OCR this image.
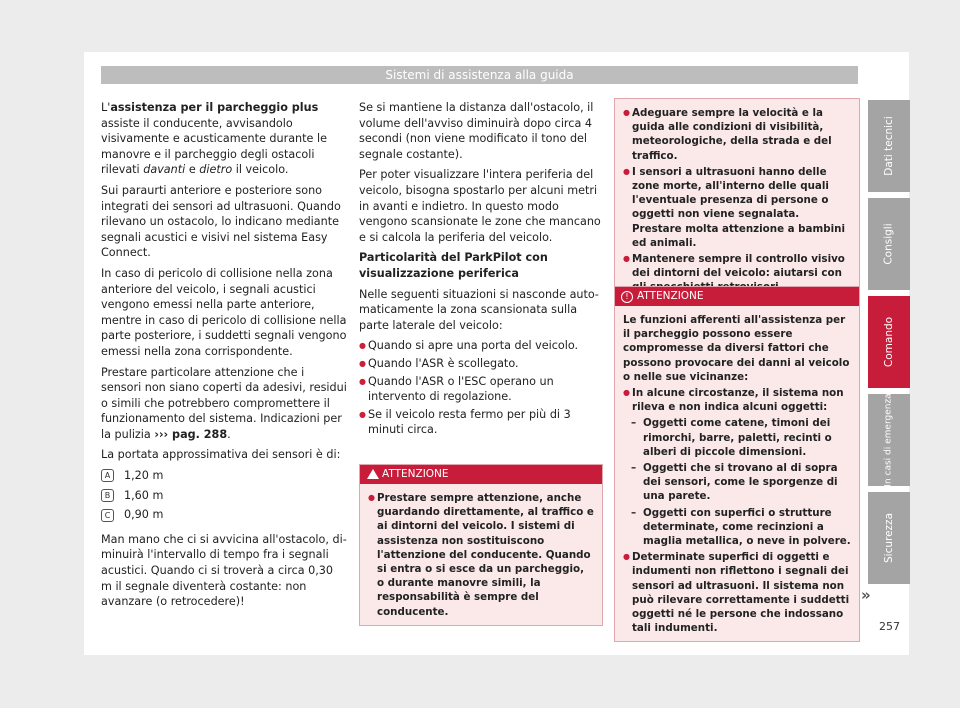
Sistemi di assistenza alla guida

L'assistenza per il parcheggio plus assiste il conducente, avvisandolo visivamente e acusticamente durante le manovre e il parcheggio degli ostacoli rilevati davanti e dietro il veicolo.

Sui paraurti anteriore e posteriore sono integrati dei sensori ad ultrasuoni. Quando rilevano un ostacolo, lo indicano mediante segnali acustici e visivi nel sistema Easy Connect.

In caso di pericolo di collisione nella zona anteriore del veicolo, i segnali acustici vengono emessi nella parte anteriore, mentre in caso di pericolo di collisione nella parte posteriore, i suddetti segnali vengono emessi nella zona corrispondente.

Prestare particolare attenzione che i sensori non siano coperti da adesivi, residui o simili che potrebbero compromettere il funzionamento del sistema. Indicazioni per la pulizia ››› pag. 288.

La portata approssimativa dei sensori è di:

A	1,20 m
B	1,60 m
C	0,90 m

Man mano che ci si avvicina all'ostacolo, diminuirà l'intervallo di tempo fra i segnali acustici. Quando ci si troverà a circa 0,30 m il segnale diventerà costante: non avanzare (o retrocedere)!

Se si mantiene la distanza dall'ostacolo, il volume dell'avviso diminuirà dopo circa 4 secondi (non viene modificato il tono del segnale costante).

Per poter visualizzare l'intera periferia del veicolo, bisogna spostarlo per alcuni metri in avanti e indietro. In questo modo vengono scansionate le zone che mancano e si calcola la periferia del veicolo.

Particolarità del ParkPilot con visualizzazione periferica

Nelle seguenti situazioni si nasconde automaticamente la zona scansionata sulla parte laterale del veicolo:

● Quando si apre una porta del veicolo.
● Quando l'ASR è scollegato.
● Quando l'ASR o l'ESC operano un intervento di regolazione.
● Se il veicolo resta fermo per più di 3 minuti circa.
ATTENZIONE
● Prestare sempre attenzione, anche guardando direttamente, al traffico e ai dintorni del veicolo. I sistemi di assistenza non sostituiscono l'attenzione del conducente. Quando si entra o si esce da un parcheggio, o durante manovre simili, la responsabilità è sempre del conducente.
● Adeguare sempre la velocità e la guida alle condizioni di visibilità, meteorologiche, della strada e del traffico.
● I sensori a ultrasuoni hanno delle zone morte, all'interno delle quali l'eventuale presenza di persone o oggetti non viene segnalata. Prestare molta attenzione a bambini ed animali.
● Mantenere sempre il controllo visivo dei dintorni del veicolo: aiutarsi con
! ATTENZIONE

Le funzioni afferenti all'assistenza per il parcheggio possono essere compromesse da diversi fattori che possono provocare dei danni al veicolo o nelle sue vicinanze:

● In alcune circostanze, il sistema non rileva e non indica alcuni oggetti:
– Oggetti come catene, timoni dei rimorchi, barre, paletti, recinti o alberi di piccole dimensioni.
– Oggetti che si trovano al di sopra dei sensori, come le sporgenze di una parete.
– Oggetti con superfici o strutture determinate, come recinzioni a maglia metallica, o neve in polvere.
● Determinate superfici di oggetti e indumenti non riflettono i segnali dei sensori ad ultrasuoni. Il sistema non può rilevare correttamente i suddetti oggetti né le persone che indossano tali indumenti.
»
Dati tecnici
Consigli
Comando
In casi di emergenza
Sicurezza
257
